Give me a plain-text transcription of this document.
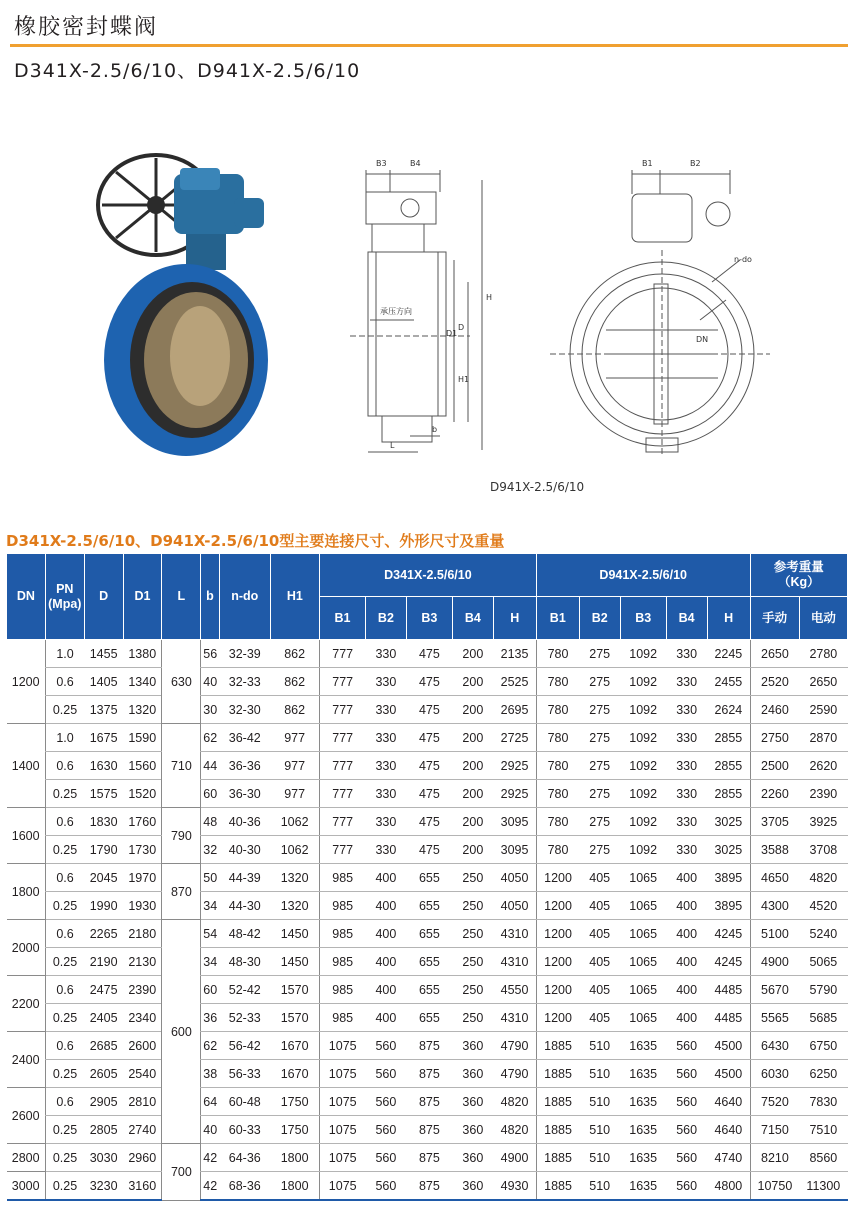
橡胶密封蝶阀
D341X-2.5/6/10、D941X-2.5/6/10
B3	B4
H
D1
D
H1
L
b
承压方向
B1	B2
n-do
DN
D941X-2.5/6/10
D341X-2.5/6/10、D941X-2.5/6/10型主要连接尺寸、外形尺寸及重量
DN	PN
(Mpa)	D	D1	L	b	n-do	H1	D341X-2.5/6/10					D941X-2.5/6/10					参考重量
（Kg）	
								B1	B2	B3	B4	H	B1	B2	B3	B4	H	手动	电动
1200	1.0	1455	1380	630	56	32-39	862	777	330	475	200	2135	780	275	1092	330	2245	2650	2780
	0.6	1405	1340		40	32-33	862	777	330	475	200	2525	780	275	1092	330	2455	2520	2650
	0.25	1375	1320		30	32-30	862	777	330	475	200	2695	780	275	1092	330	2624	2460	2590
1400	1.0	1675	1590	710	62	36-42	977	777	330	475	200	2725	780	275	1092	330	2855	2750	2870
	0.6	1630	1560		44	36-36	977	777	330	475	200	2925	780	275	1092	330	2855	2500	2620
	0.25	1575	1520		60	36-30	977	777	330	475	200	2925	780	275	1092	330	2855	2260	2390
1600	0.6	1830	1760	790	48	40-36	1062	777	330	475	200	3095	780	275	1092	330	3025	3705	3925
	0.25	1790	1730		32	40-30	1062	777	330	475	200	3095	780	275	1092	330	3025	3588	3708
1800	0.6	2045	1970	870	50	44-39	1320	985	400	655	250	4050	1200	405	1065	400	3895	4650	4820
	0.25	1990	1930		34	44-30	1320	985	400	655	250	4050	1200	405	1065	400	3895	4300	4520
2000	0.6	2265	2180	600	54	48-42	1450	985	400	655	250	4310	1200	405	1065	400	4245	5100	5240
	0.25	2190	2130		34	48-30	1450	985	400	655	250	4310	1200	405	1065	400	4245	4900	5065
2200	0.6	2475	2390		60	52-42	1570	985	400	655	250	4550	1200	405	1065	400	4485	5670	5790
	0.25	2405	2340		36	52-33	1570	985	400	655	250	4310	1200	405	1065	400	4485	5565	5685
2400	0.6	2685	2600		62	56-42	1670	1075	560	875	360	4790	1885	510	1635	560	4500	6430	6750
	0.25	2605	2540		38	56-33	1670	1075	560	875	360	4790	1885	510	1635	560	4500	6030	6250
2600	0.6	2905	2810		64	60-48	1750	1075	560	875	360	4820	1885	510	1635	560	4640	7520	7830
	0.25	2805	2740		40	60-33	1750	1075	560	875	360	4820	1885	510	1635	560	4640	7150	7510
2800	0.25	3030	2960	700	42	64-36	1800	1075	560	875	360	4900	1885	510	1635	560	4740	8210	8560
3000	0.25	3230	3160		42	68-36	1800	1075	560	875	360	4930	1885	510	1635	560	4800	10750	11300
